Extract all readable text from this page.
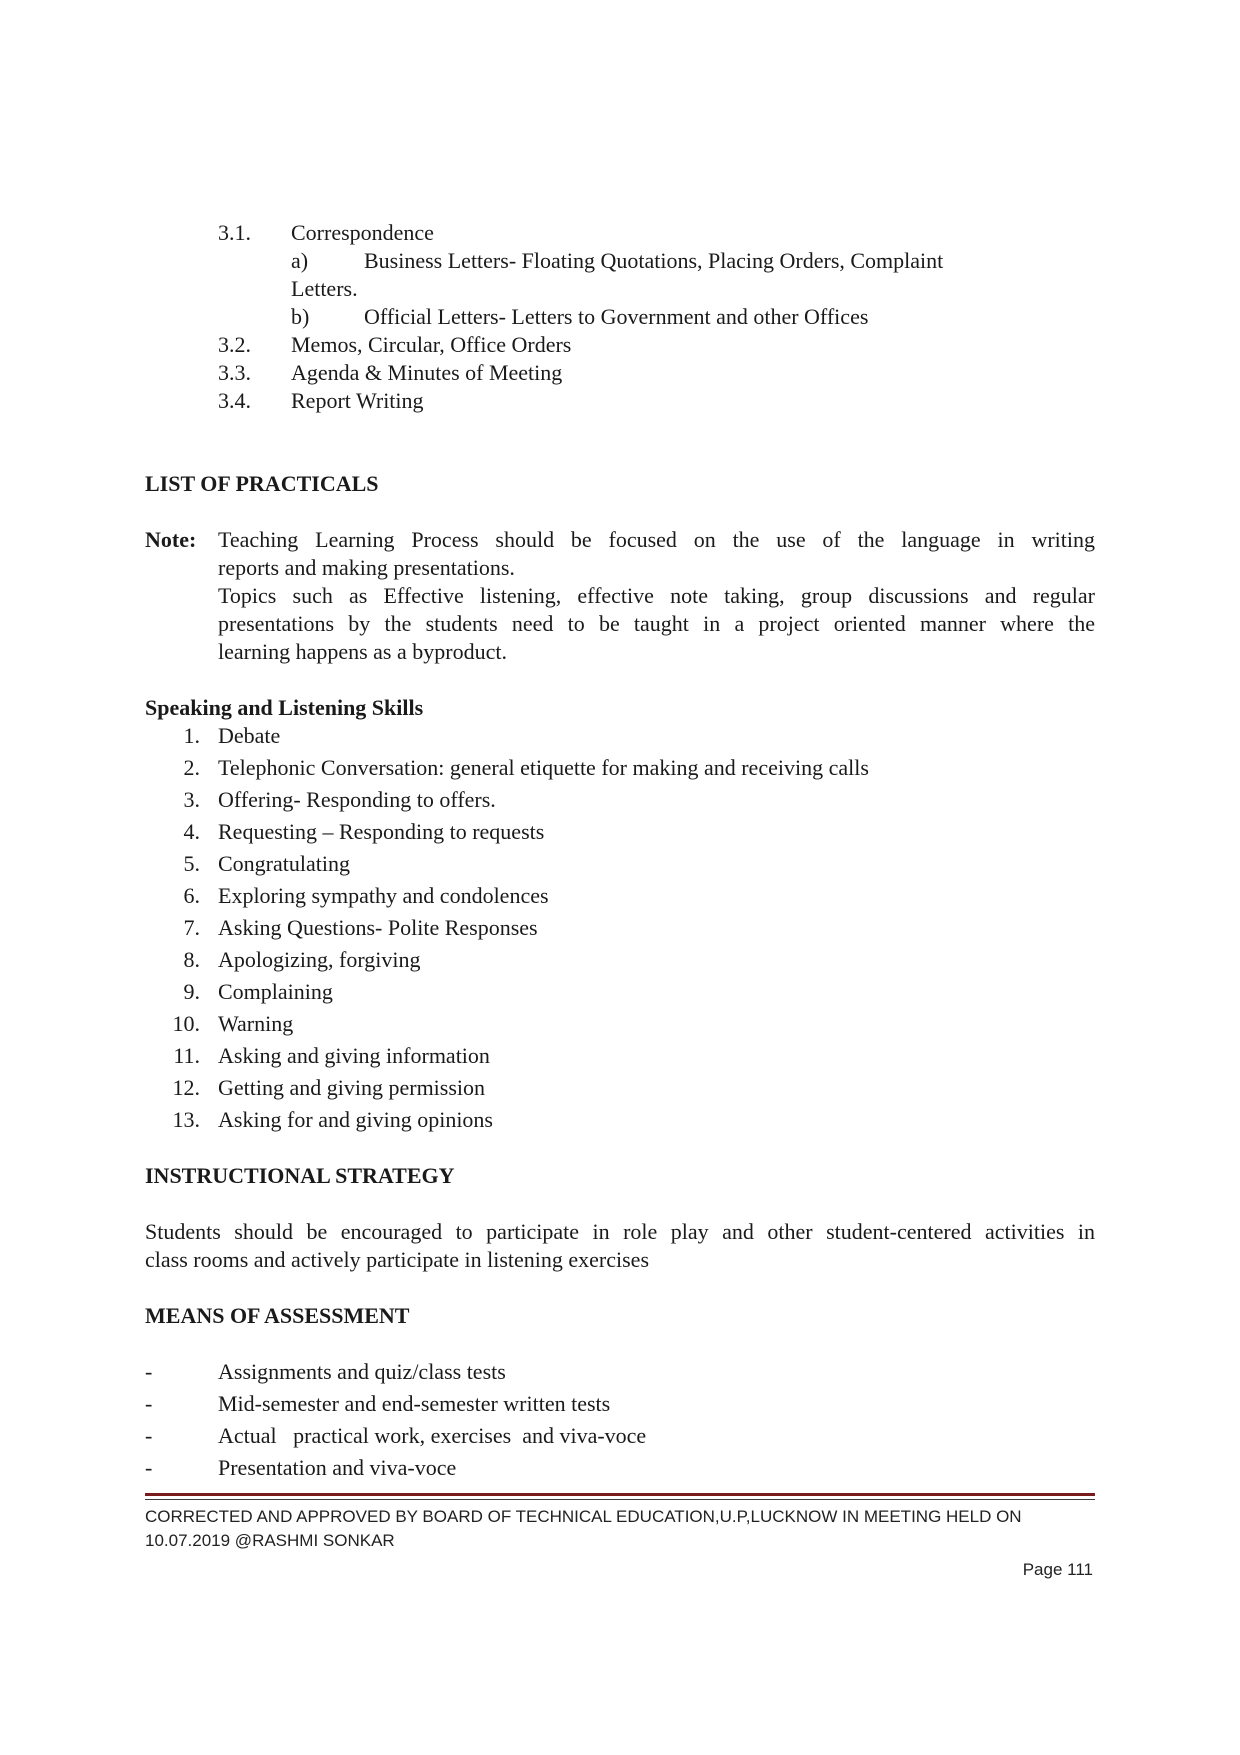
3.1. Correspondence
a)	Business Letters- Floating Quotations, Placing Orders, Complaint
Letters.
b) Official Letters- Letters to Government and other Offices
3.2. Memos, Circular, Office Orders
3.3. Agenda & Minutes of Meeting
3.4. Report Writing
LIST OF PRACTICALS
Note: Teaching Learning Process should be focused on the use of the language in writing
reports and making presentations.
Topics such as Effective listening, effective note taking, group discussions and regular
presentations by the students need to be taught in a project oriented manner where the
learning happens as a byproduct.
Speaking and Listening Skills
1. Debate
2. Telephonic Conversation: general etiquette for making and receiving calls
3. Offering- Responding to offers.
4. Requesting – Responding to requests
5. Congratulating
6. Exploring sympathy and condolences
7. Asking Questions- Polite Responses
8. Apologizing, forgiving
9. Complaining
10. Warning
11. Asking and giving information
12. Getting and giving permission
13. Asking for and giving opinions
INSTRUCTIONAL STRATEGY
Students should be encouraged to participate in role play and other student-centered activities in
class rooms and actively participate in listening exercises
MEANS OF ASSESSMENT
-	Assignments and quiz/class tests
-	Mid-semester and end-semester written tests
-	Actual   practical work, exercises  and viva-voce
-	Presentation and viva-voce
CORRECTED AND APPROVED BY BOARD OF TECHNICAL EDUCATION,U.P,LUCKNOW IN MEETING HELD ON
10.07.2019 @RASHMI SONKAR
Page 111
